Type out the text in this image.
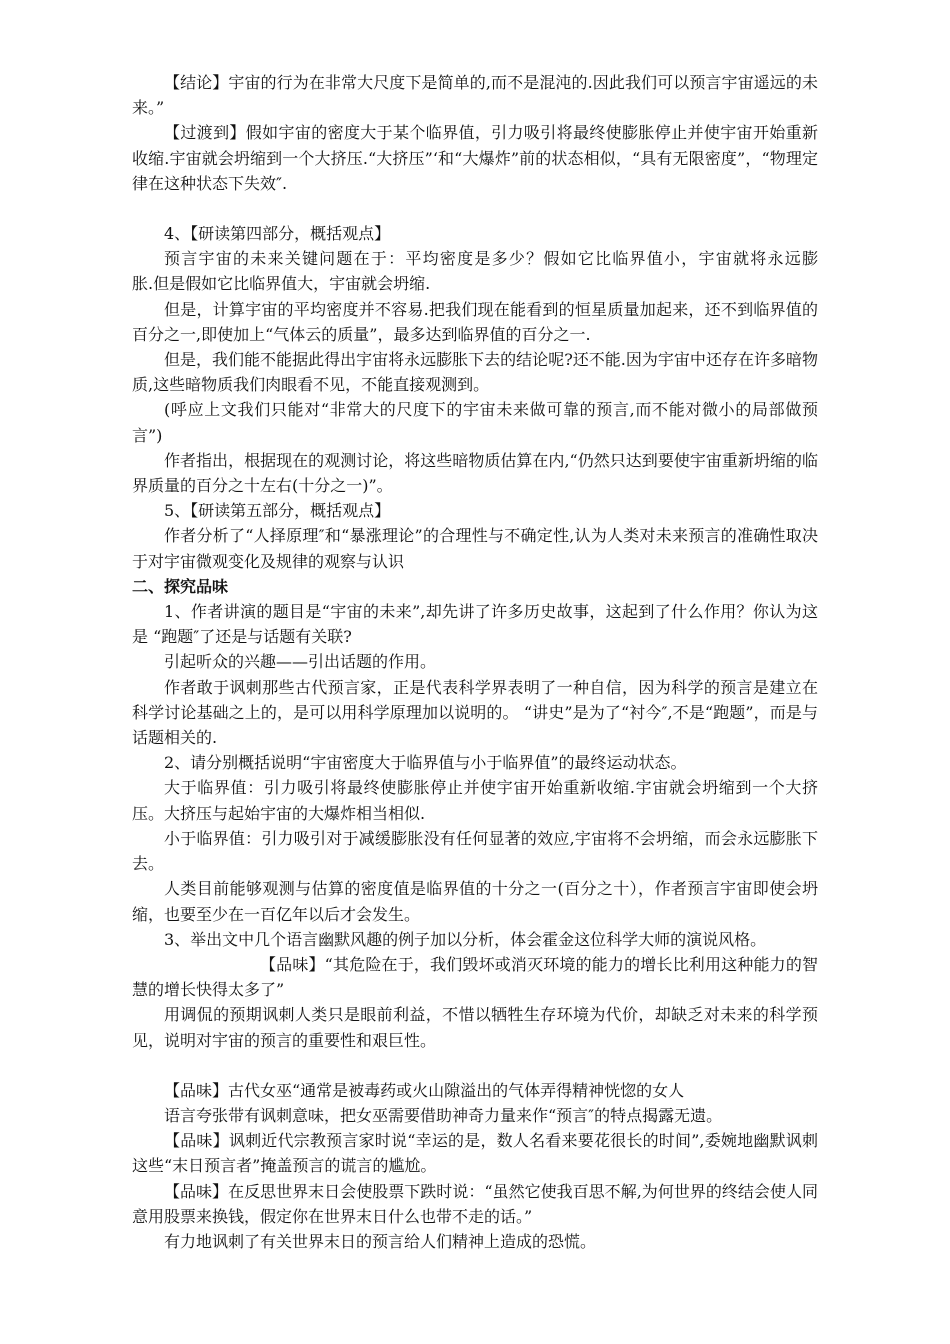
【结论】宇宙的行为在非常大尺度下是简单的,而不是混沌的.因此我们可以预言宇宙遥远的未来。”

【过渡到】假如宇宙的密度大于某个临界值，引力吸引将最终使膨胀停止并使宇宙开始重新收缩.宇宙就会坍缩到一个大挤压.“大挤压”‘和“大爆炸”前的状态相似，“具有无限密度”，“物理定律在这种状态下失效″.

4、【研读第四部分，概括观点】

预言宇宙的未来关键问题在于：平均密度是多少？假如它比临界值小，宇宙就将永远膨　　胀.但是假如它比临界值大，宇宙就会坍缩.

但是，计算宇宙的平均密度并不容易.把我们现在能看到的恒星质量加起来，还不到临界值的百分之一,即使加上“气体云的质量”，最多达到临界值的百分之一.

但是，我们能不能据此得出宇宙将永远膨胀下去的结论呢?还不能.因为宇宙中还存在许多暗物质,这些暗物质我们肉眼看不见，不能直接观测到。

(呼应上文我们只能对“非常大的尺度下的宇宙未来做可靠的预言,而不能对微小的局部做预言”)

作者指出，根据现在的观测讨论，将这些暗物质估算在内,“仍然只达到要使宇宙重新坍缩的临界质量的百分之十左右(十分之一)”。

5、【研读第五部分，概括观点】

作者分析了“人择原理″和“暴涨理论”的合理性与不确定性,认为人类对未来预言的准确性取决于对宇宙微观变化及规律的观察与认识

二、探究品味

1、作者讲演的题目是“宇宙的未来”,却先讲了许多历史故事，这起到了什么作用？你认为这是 “跑题″了还是与话题有关联?

引起听众的兴趣——引出话题的作用。

作者敢于讽刺那些古代预言家，正是代表科学界表明了一种自信，因为科学的预言是建立在科学讨论基础之上的，是可以用科学原理加以说明的。 “讲史”是为了“衬今″,不是“跑题”，而是与话题相关的.

2、请分别概括说明“宇宙密度大于临界值与小于临界值”的最终运动状态。

大于临界值：引力吸引将最终使膨胀停止并使宇宙开始重新收缩.宇宙就会坍缩到一个大挤压。大挤压与起始宇宙的大爆炸相当相似.

小于临界值：引力吸引对于减缓膨胀没有任何显著的效应,宇宙将不会坍缩，而会永远膨胀下去。

人类目前能够观测与估算的密度值是临界值的十分之一(百分之十），作者预言宇宙即使会坍缩，也要至少在一百亿年以后才会发生。

3、举出文中几个语言幽默风趣的例子加以分析，体会霍金这位科学大师的演说风格。

【品味】“其危险在于，我们毁坏或消灭环境的能力的增长比利用这种能力的智慧的增长快得太多了”

用调侃的预期讽刺人类只是眼前利益，不惜以牺牲生存环境为代价，却缺乏对未来的科学预见，说明对宇宙的预言的重要性和艰巨性。

【品味】古代女巫“通常是被毒药或火山隙溢出的气体弄得精神恍惚的女人

语言夸张带有讽刺意味，把女巫需要借助神奇力量来作“预言″的特点揭露无遗。

【品味】讽刺近代宗教预言家时说“幸运的是，数人名看来要花很长的时间”,委婉地幽默讽刺这些“末日预言者”掩盖预言的谎言的尴尬。

【品味】在反思世界末日会使股票下跌时说：“虽然它使我百思不解,为何世界的终结会使人同意用股票来换钱，假定你在世界末日什么也带不走的话。”

有力地讽刺了有关世界末日的预言给人们精神上造成的恐慌。
